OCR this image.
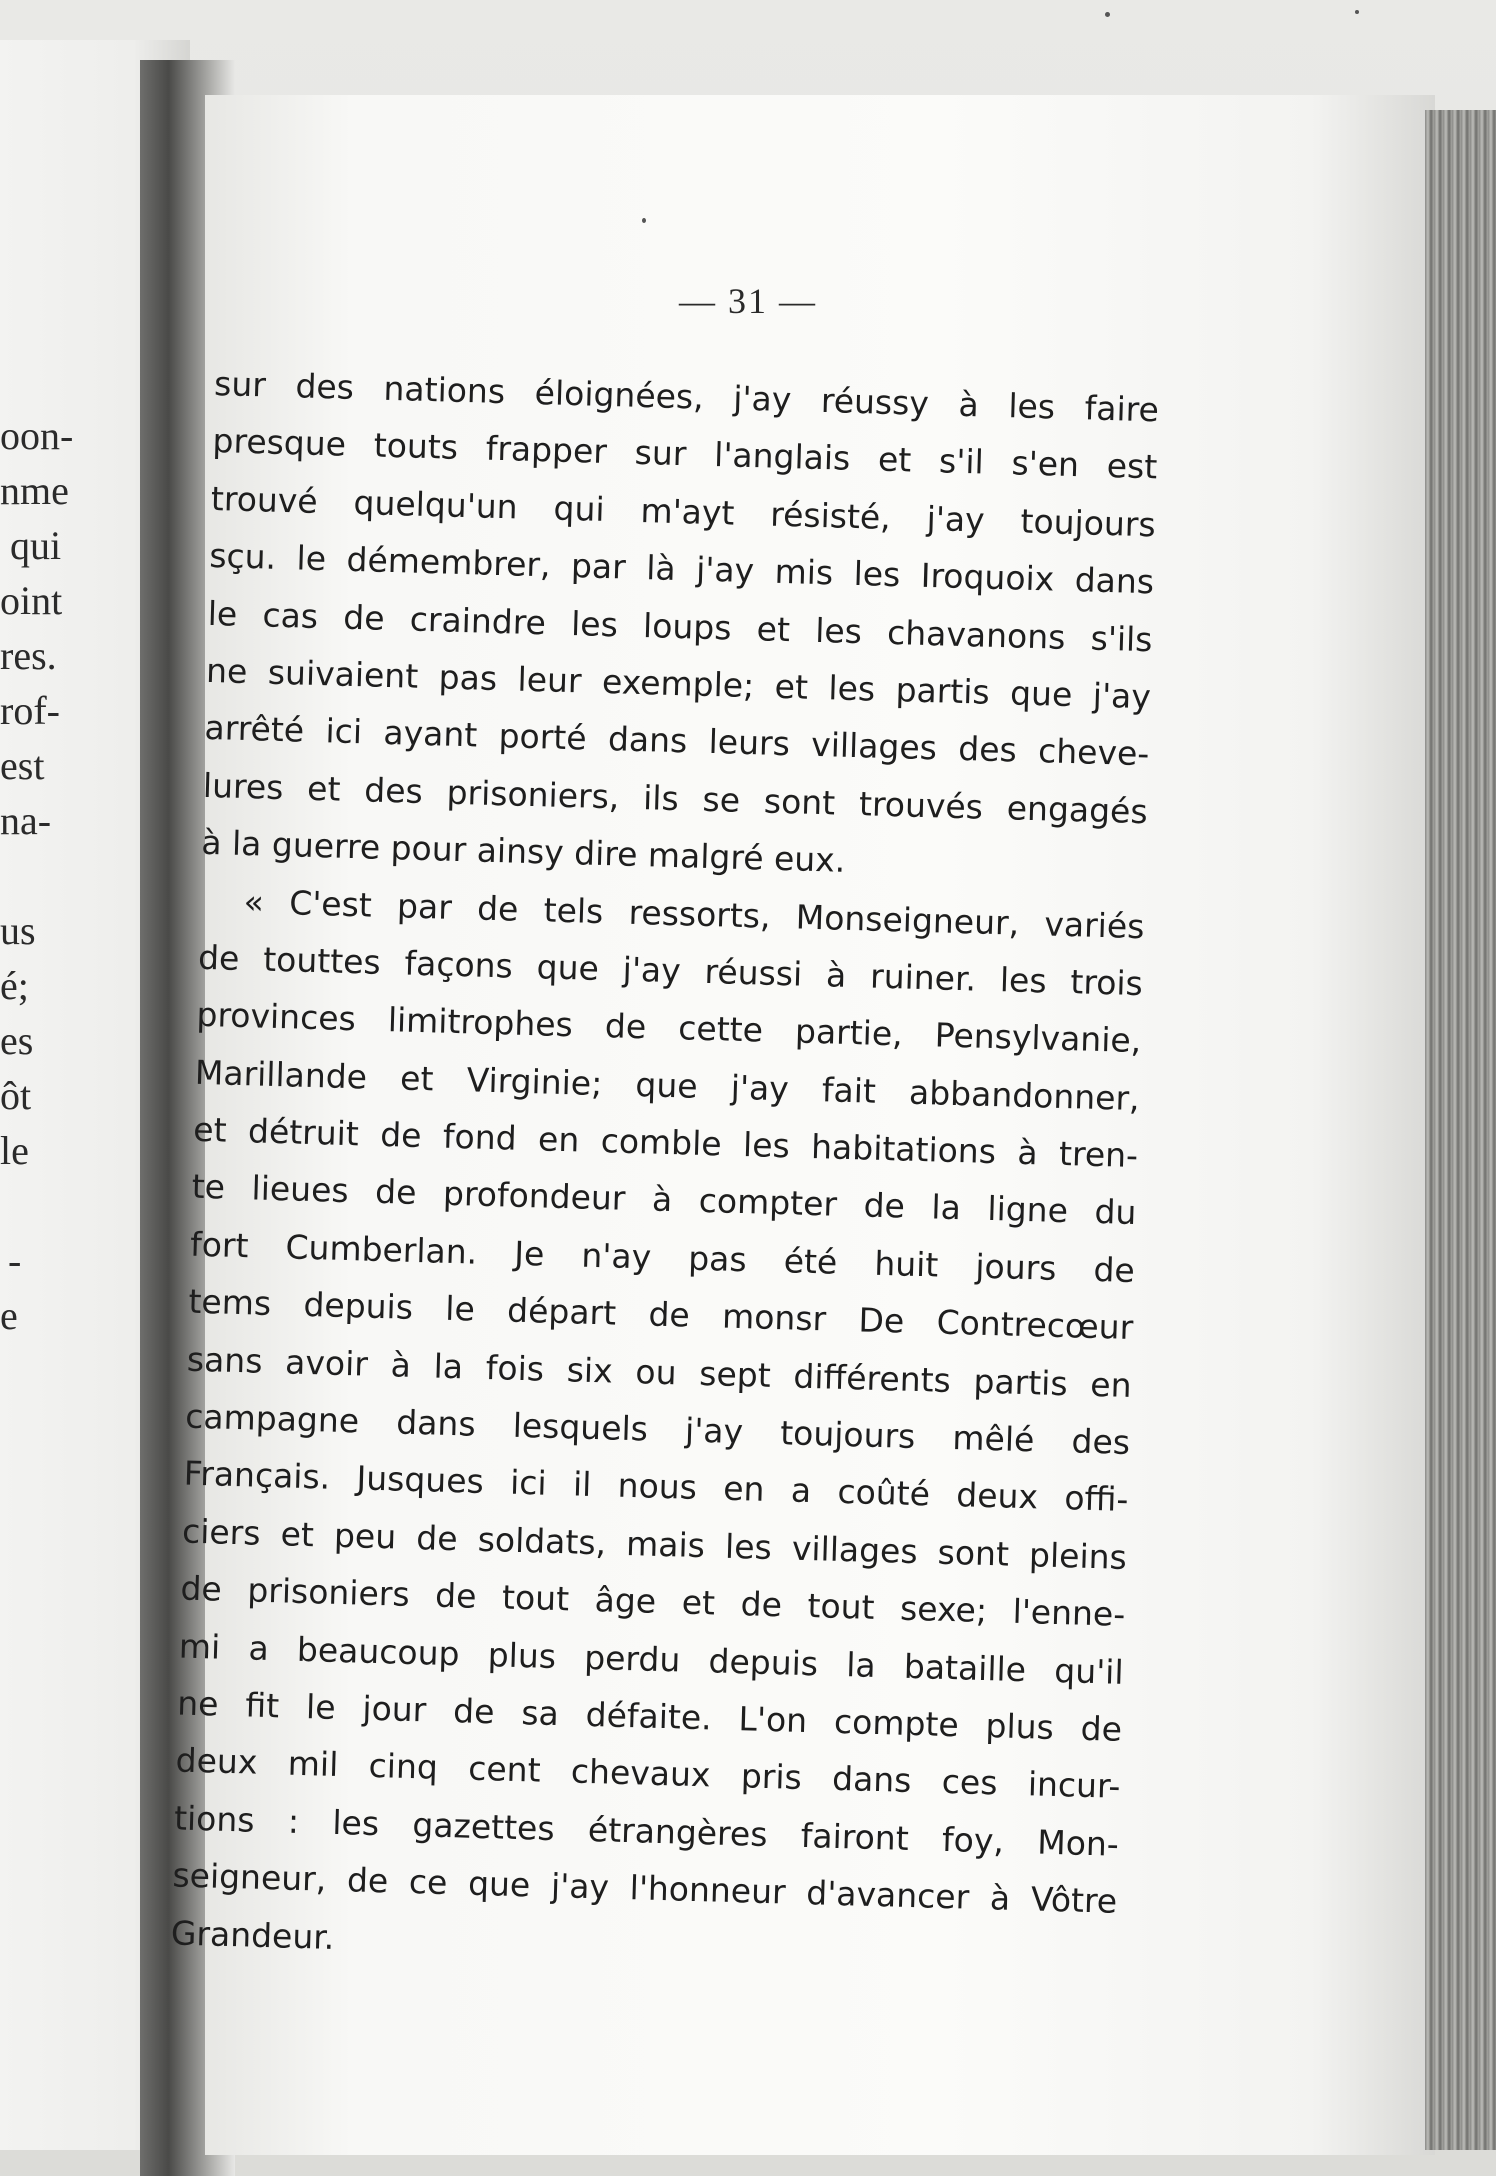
oon-
nme
qui
oint
res.
rof-
est
na-
us
é;
es
ôt
le
-
e
— 31 —
sur des nations éloignées, j'ay réussy à les faire
presque touts frapper sur l'anglais et s'il s'en est
trouvé quelqu'un qui m'ayt résisté, j'ay toujours
sçu. le démembrer, par là j'ay mis les Iroquoix dans
le cas de craindre les loups et les chavanons s'ils
ne suivaient pas leur exemple; et les partis que j'ay
arrêté ici ayant porté dans leurs villages des cheve-
lures et des prisoniers, ils se sont trouvés engagés
à la guerre pour ainsy dire malgré eux.
« C'est par de tels ressorts, Monseigneur, variés
de touttes façons que j'ay réussi à ruiner. les trois
provinces limitrophes de cette partie, Pensylvanie,
Marillande et Virginie; que j'ay fait abbandonner,
et détruit de fond en comble les habitations à tren-
te lieues de profondeur à compter de la ligne du
fort Cumberlan. Je n'ay pas été huit jours de
tems depuis le départ de monsr De Contrecœur
sans avoir à la fois six ou sept différents partis en
campagne dans lesquels j'ay toujours mêlé des
Français. Jusques ici il nous en a coûté deux offi-
ciers et peu de soldats, mais les villages sont pleins
de prisoniers de tout âge et de tout sexe; l'enne-
mi a beaucoup plus perdu depuis la bataille qu'il
ne fit le jour de sa défaite. L'on compte plus de
deux mil cinq cent chevaux pris dans ces incur-
tions : les gazettes étrangères fairont foy, Mon-
seigneur, de ce que j'ay l'honneur d'avancer à Vôtre
Grandeur.
